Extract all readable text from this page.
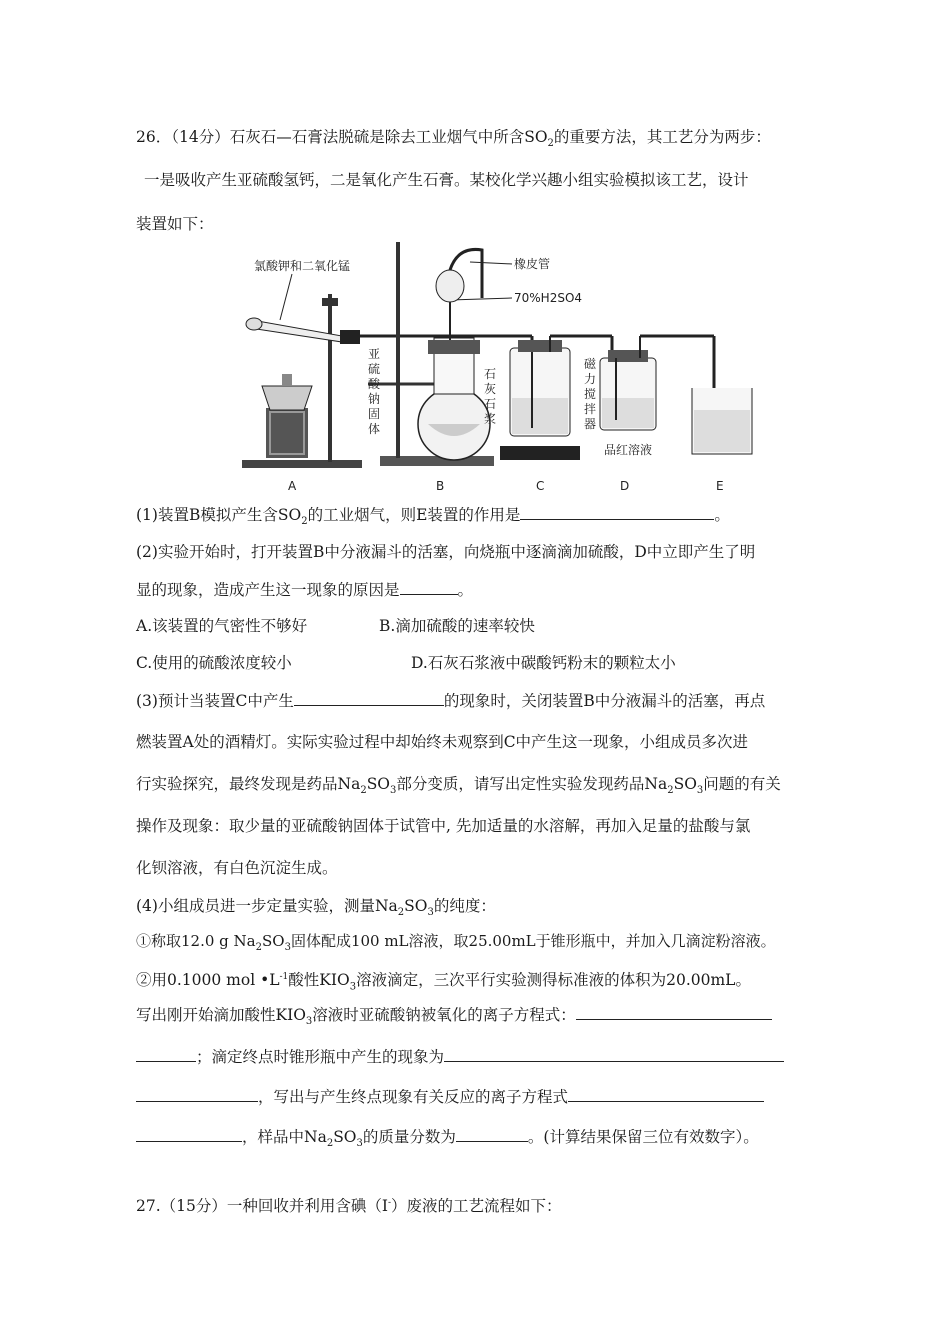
26．（14分）石灰石—石膏法脱硫是除去工业烟气中所含$SO_2$的重要方法，其工艺分为两步：
一是吸收产生亚硫酸氢钙，二是氧化产生石膏。某校化学兴趣小组实验模拟该工艺，设计
装置如下：
氯酸钾和二氧化锰	橡皮管
70%H2SO4
亚硫酸钠固体
石灰石浆
磁力搅拌器
品红溶液
A	B	C	D	E
(1)装置B模拟产生含$SO_2$的工业烟气，则E装置的作用是	。
(2)实验开始时，打开装置B中分液漏斗的活塞，向烧瓶中逐滴滴加硫酸，D中立即产生了明
显的现象，造成产生这一现象的原因是	。
A.该装置的气密性不够好	B.滴加硫酸的速率较快
C.使用的硫酸浓度较小	D.石灰石浆液中碳酸钙粉末的颗粒太小
(3)预计当装置C中产生	的现象时，关闭装置B中分液漏斗的活塞，再点
燃装置A处的酒精灯。实际实验过程中却始终未观察到C中产生这一现象，小组成员多次进
行实验探究，最终发现是药品$Na_2SO_3$部分变质，请写出定性实验发现药品$Na_2SO_3$问题的有关
操作及现象：取少量的亚硫酸钠固体于试管中, 先加适量的水溶解，再加入足量的盐酸与氯
化钡溶液，有白色沉淀生成。
(4)小组成员进一步定量实验，测量$Na_2SO_3$的纯度：
①称取12.0 g $Na_2SO_3$固体配成100 mL溶液，取25.00mL于锥形瓶中，并加入几滴淀粉溶液。
②用0.1000 mol $•L^{-1}$酸性$KIO_3$溶液滴定，三次平行实验测得标准液的体积为20.00mL。
写出刚开始滴加酸性$KIO_3$溶液时亚硫酸钠被氧化的离子方程式：
；滴定终点时锥形瓶中产生的现象为
，写出与产生终点现象有关反应的离子方程式
，样品中$Na_2SO_3$的质量分数为	。(计算结果保留三位有效数字）。
27.（15分）一种回收并利用含碘（I-）废液的工艺流程如下：
